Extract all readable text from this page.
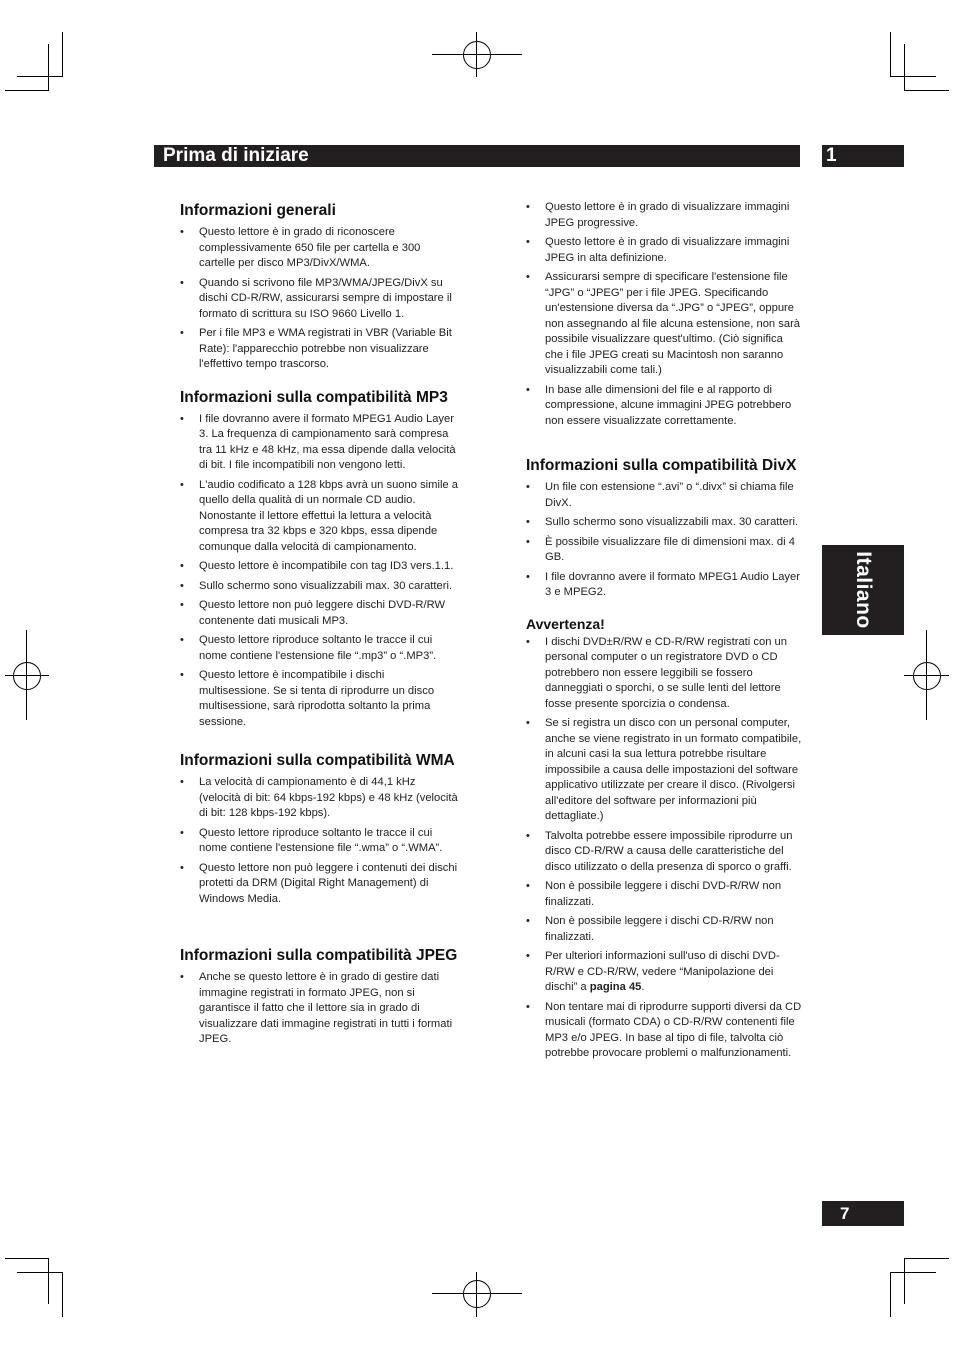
Prima di iniziare	1
Italiano
7
Informazioni generali
• Questo lettore è in grado di riconoscere complessivamente 650 file per cartella e 300 cartelle per disco MP3/DivX/WMA.
• Quando si scrivono file MP3/WMA/JPEG/DivX su dischi CD-R/RW, assicurarsi sempre di impostare il formato di scrittura su ISO 9660 Livello 1.
• Per i file MP3 e WMA registrati in VBR (Variable Bit Rate): l'apparecchio potrebbe non visualizzare l'effettivo tempo trascorso.
Informazioni sulla compatibilità MP3
• I file dovranno avere il formato MPEG1 Audio Layer 3. La frequenza di campionamento sarà compresa tra 11 kHz e 48 kHz, ma essa dipende dalla velocità di bit. I file incompatibili non vengono letti.
• L'audio codificato a 128 kbps avrà un suono simile a quello della qualità di un normale CD audio. Nonostante il lettore effettui la lettura a velocità compresa tra 32 kbps e 320 kbps, essa dipende comunque dalla velocità di campionamento.
• Questo lettore è incompatibile con tag ID3 vers.1.1.
• Sullo schermo sono visualizzabili max. 30 caratteri.
• Questo lettore non può leggere dischi DVD-R/RW contenente dati musicali MP3.
• Questo lettore riproduce soltanto le tracce il cui nome contiene l'estensione file “.mp3” o “.MP3”.
• Questo lettore è incompatibile i dischi multisessione. Se si tenta di riprodurre un disco multisessione, sarà riprodotta soltanto la prima sessione.
Informazioni sulla compatibilità WMA
• La velocità di campionamento è di 44,1 kHz (velocità di bit: 64 kbps-192 kbps) e 48 kHz (velocità di bit: 128 kbps-192 kbps).
• Questo lettore riproduce soltanto le tracce il cui nome contiene l'estensione file “.wma” o “.WMA”.
• Questo lettore non può leggere i contenuti dei dischi protetti da DRM (Digital Right Management) di Windows Media.
Informazioni sulla compatibilità JPEG
• Anche se questo lettore è in grado di gestire dati immagine registrati in formato JPEG, non si garantisce il fatto che il lettore sia in grado di visualizzare dati immagine registrati in tutti i formati JPEG.
• Questo lettore è in grado di visualizzare immagini JPEG progressive.
• Questo lettore è in grado di visualizzare immagini JPEG in alta definizione.
• Assicurarsi sempre di specificare l'estensione file “JPG” o “JPEG” per i file JPEG. Specificando un'estensione diversa da “.JPG” o “JPEG”, oppure non assegnando al file alcuna estensione, non sarà possibile visualizzare quest'ultimo. (Ciò significa che i file JPEG creati su Macintosh non saranno visualizzabili come tali.)
• In base alle dimensioni del file e al rapporto di compressione, alcune immagini JPEG potrebbero non essere visualizzate correttamente.
Informazioni sulla compatibilità DivX
• Un file con estensione “.avi” o “.divx” si chiama file DivX.
• Sullo schermo sono visualizzabili max. 30 caratteri.
• È possibile visualizzare file di dimensioni max. di 4 GB.
• I file dovranno avere il formato MPEG1 Audio Layer 3 e MPEG2.
Avvertenza!
• I dischi DVD±R/RW e CD-R/RW registrati con un personal computer o un registratore DVD o CD potrebbero non essere leggibili se fossero danneggiati o sporchi, o se sulle lenti del lettore fosse presente sporcizia o condensa.
• Se si registra un disco con un personal computer, anche se viene registrato in un formato compatibile, in alcuni casi la sua lettura potrebbe risultare impossibile a causa delle impostazioni del software applicativo utilizzate per creare il disco. (Rivolgersi all'editore del software per informazioni più dettagliate.)
• Talvolta potrebbe essere impossibile riprodurre un disco CD-R/RW a causa delle caratteristiche del disco utilizzato o della presenza di sporco o graffi.
• Non è possibile leggere i dischi DVD-R/RW non finalizzati.
• Non è possibile leggere i dischi CD-R/RW non finalizzati.
• Per ulteriori informazioni sull'uso di dischi DVD-R/RW e CD-R/RW, vedere “Manipolazione dei dischi” a pagina 45.
• Non tentare mai di riprodurre supporti diversi da CD musicali (formato CDA) o CD-R/RW contenenti file MP3 e/o JPEG. In base al tipo di file, talvolta ciò potrebbe provocare problemi o malfunzionamenti.
